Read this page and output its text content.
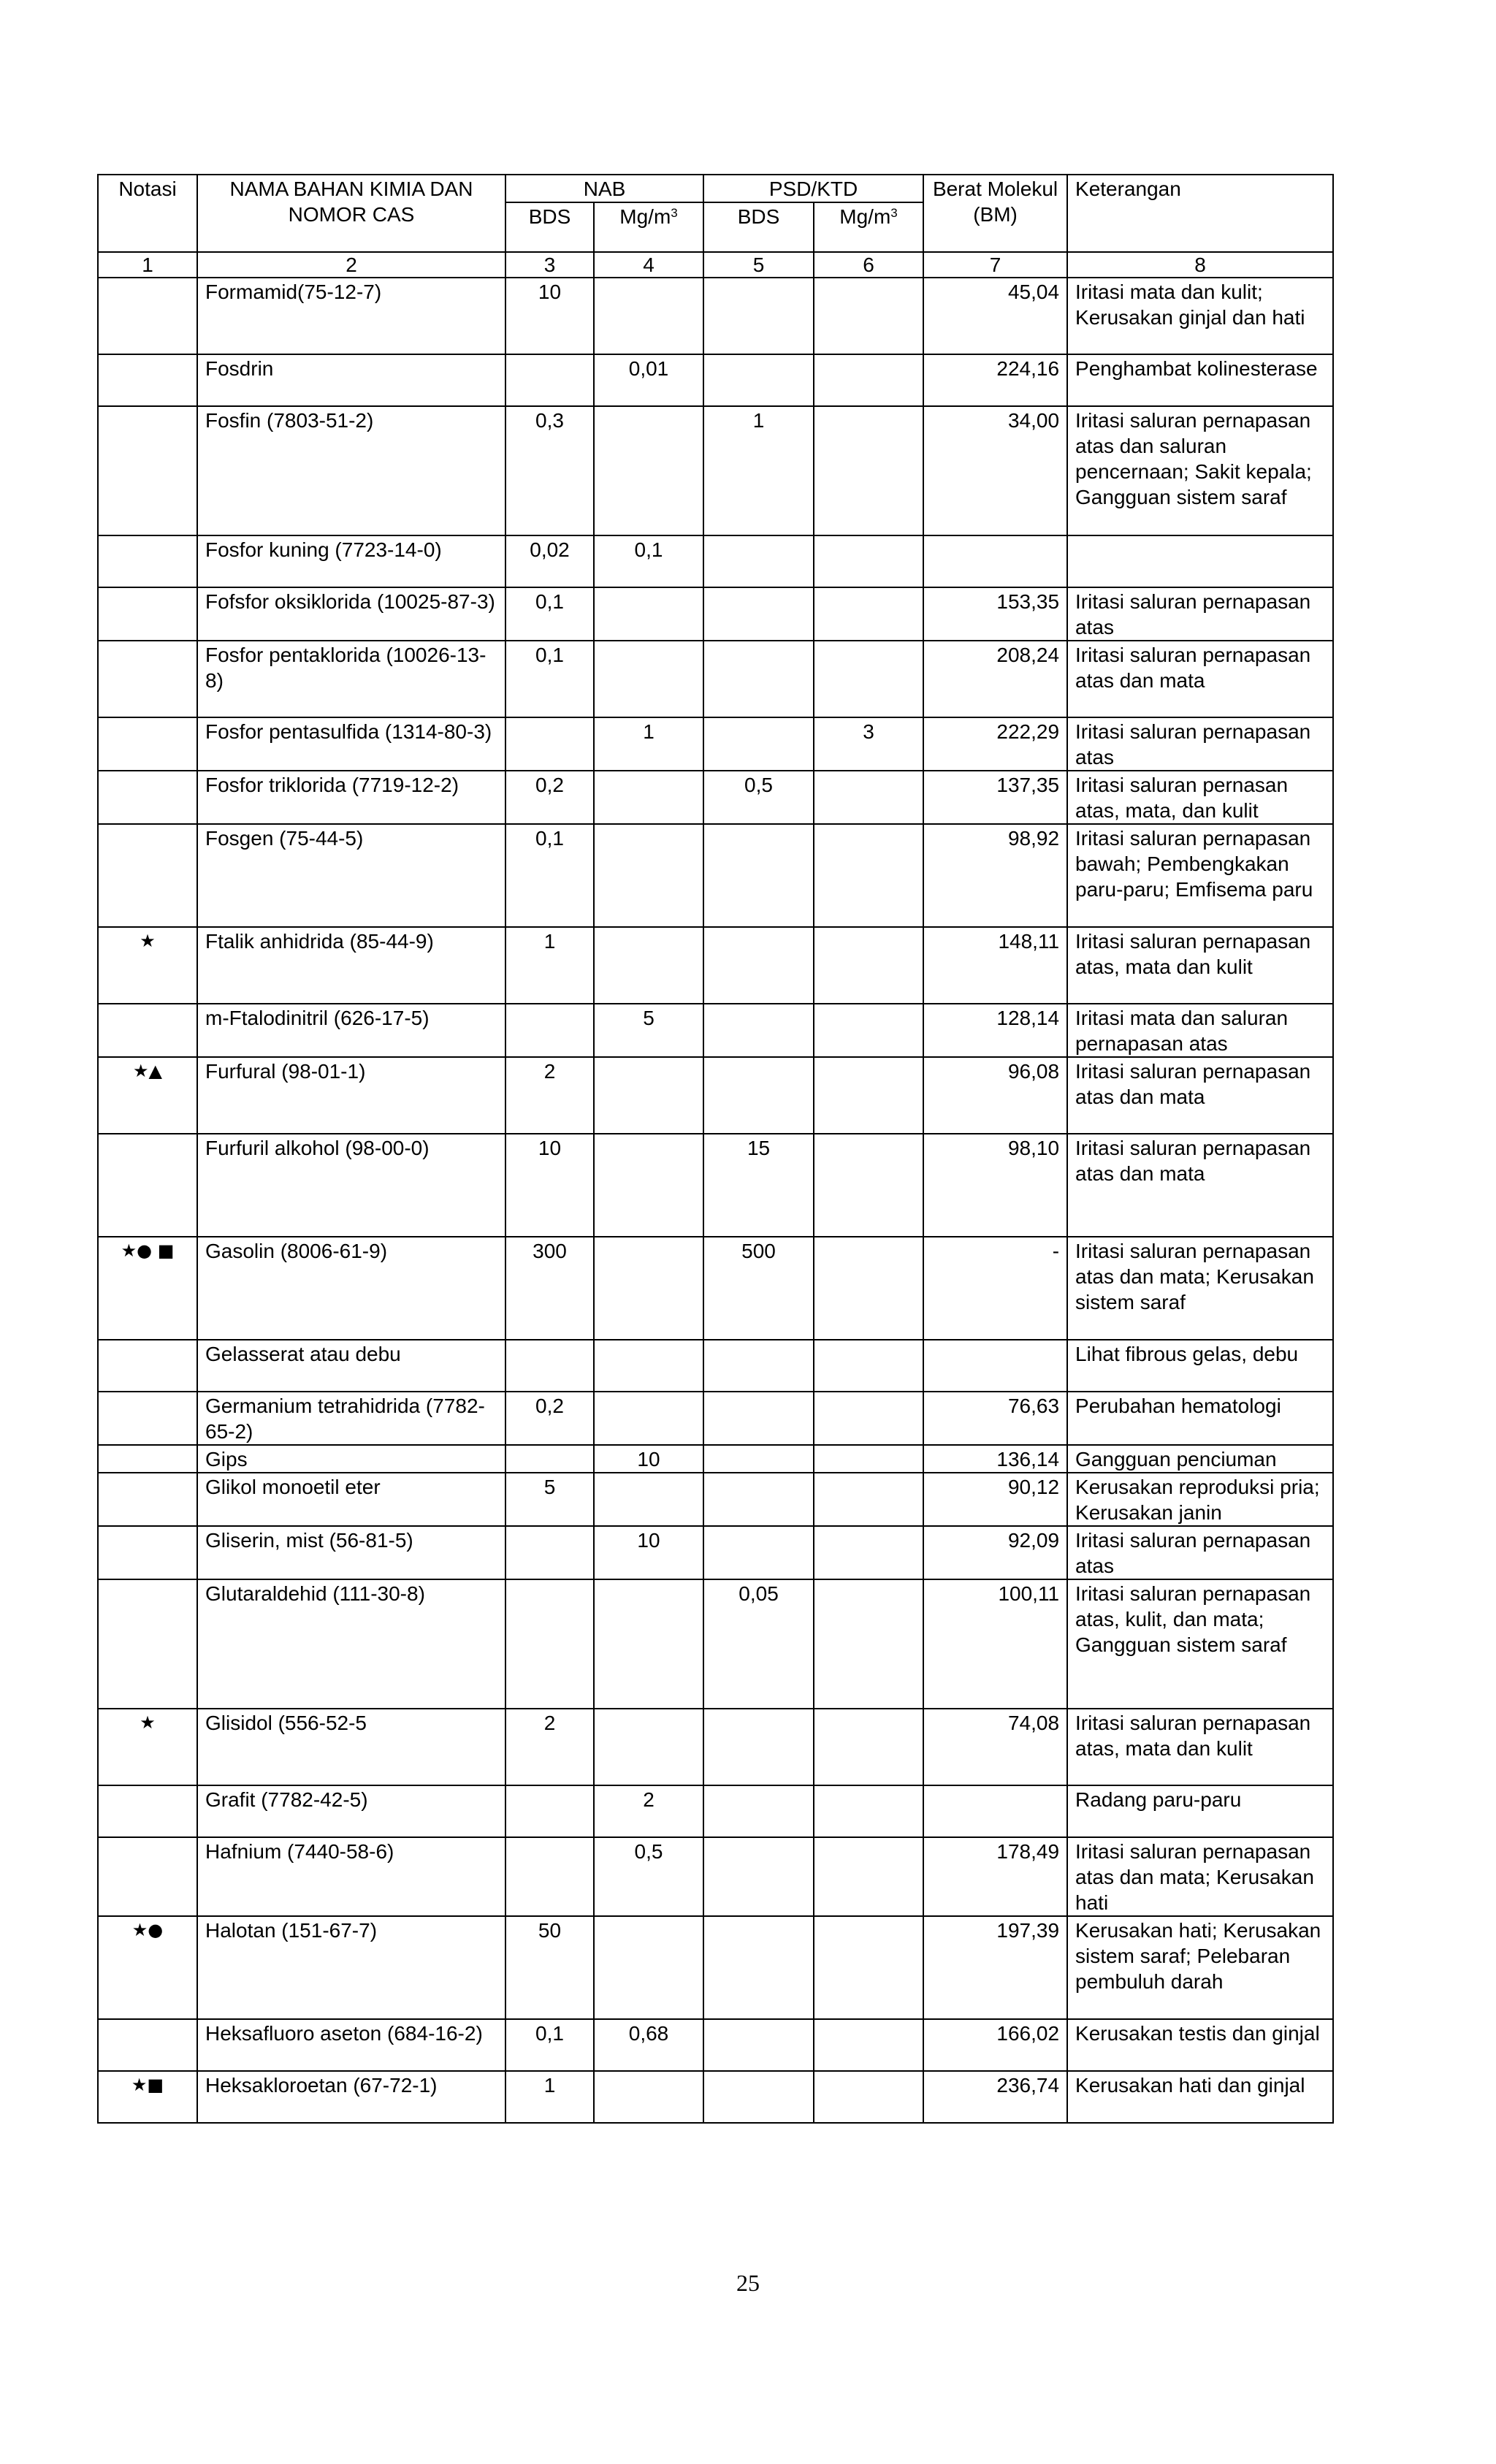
Notasi	NAMA BAHAN KIMIA DAN NOMOR CAS	NAB		PSD/KTD		Berat Molekul (BM)	Keterangan
		BDS	$Mg/m^3$	BDS	$Mg/m^3$
1	2	3	4	5	6	7	8
	Formamid(75-12-7)	10				45,04	Iritasi mata dan kulit; Kerusakan ginjal dan hati
	Fosdrin		0,01			224,16	Penghambat kolinesterase
	Fosfin (7803-51-2)	0,3		1		34,00	Iritasi saluran pernapasan atas dan saluran pencernaan; Sakit kepala; Gangguan sistem saraf
	Fosfor kuning (7723-14-0)	0,02	0,1				
	Fofsfor oksiklorida (10025-87-3)	0,1				153,35	Iritasi saluran pernapasan atas
	Fosfor pentaklorida (10026-13-8)	0,1				208,24	Iritasi saluran pernapasan atas dan mata
	Fosfor pentasulfida (1314-80-3)		1		3	222,29	Iritasi saluran pernapasan atas
	Fosfor triklorida (7719-12-2)	0,2		0,5		137,35	Iritasi saluran pernasan atas, mata, dan kulit
	Fosgen (75-44-5)	0,1				98,92	Iritasi saluran pernapasan bawah; Pembengkakan paru-paru; Emfisema paru
★	Ftalik anhidrida (85-44-9)	1				148,11	Iritasi saluran pernapasan atas, mata dan kulit
	m-Ftalodinitril (626-17-5)		5			128,14	Iritasi mata dan saluran pernapasan atas
★▲	Furfural (98-01-1)	2				96,08	Iritasi saluran pernapasan atas dan mata
	Furfuril alkohol (98-00-0)	10		15		98,10	Iritasi saluran pernapasan atas dan mata
★● ■	Gasolin (8006-61-9)	300		500		-	Iritasi saluran pernapasan atas dan mata; Kerusakan sistem saraf
	Gelasserat atau debu						Lihat fibrous gelas, debu
	Germanium tetrahidrida (7782-65-2)	0,2				76,63	Perubahan hematologi
	Gips		10			136,14	Gangguan penciuman
	Glikol monoetil eter	5				90,12	Kerusakan reproduksi pria; Kerusakan janin
	Gliserin, mist (56-81-5)		10			92,09	Iritasi saluran pernapasan atas
	Glutaraldehid (111-30-8)			0,05		100,11	Iritasi saluran pernapasan atas, kulit, dan mata; Gangguan sistem saraf
★	Glisidol (556-52-5	2				74,08	Iritasi saluran pernapasan atas, mata dan kulit
	Grafit (7782-42-5)		2				Radang paru-paru
	Hafnium (7440-58-6)		0,5			178,49	Iritasi saluran pernapasan atas dan mata; Kerusakan hati
★●	Halotan (151-67-7)	50				197,39	Kerusakan hati; Kerusakan sistem saraf; Pelebaran pembuluh darah
	Heksafluoro aseton (684-16-2)	0,1	0,68			166,02	Kerusakan testis dan ginjal
★■	Heksakloroetan (67-72-1)	1				236,74	Kerusakan hati dan ginjal
25
